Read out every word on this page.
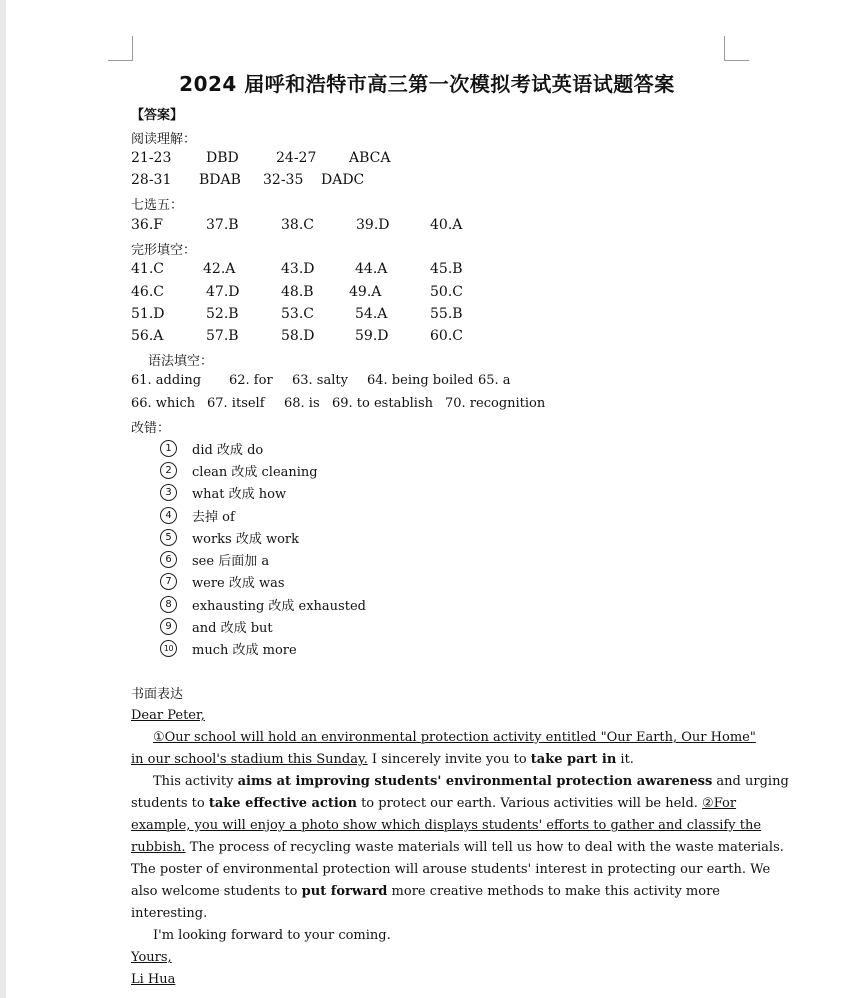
2024 届呼和浩特市高三第一次模拟考试英语试题答案
【答案】
阅读理解：
21-23 DBD	24-27 ABCA
28-31 BDAB 32-35 DADC
七选五：
36.F	37.B	38.C	39.D	40.A
完形填空：
41.C	42.A	43.D	44.A	45.B
46.C	47.D	48.B	49.A	50.C
51.D	52.B	53.C	54.A	55.B
56.A	57.B	58.D	59.D	60.C
语法填空：
61. adding 62. for 63. salty 64. being boiled 65. a
66. which 67. itself 68. is 69. to establish 70. recognition
改错：
1	did 改成 do
2	clean 改成 cleaning
3	what 改成 how
4	去掉 of
5	works 改成 work
6	see 后面加 a
7	were 改成 was
8	exhausting 改成 exhausted
9	and 改成 but
10	much 改成 more
书面表达
Dear Peter,
①Our school will hold an environmental protection activity entitled "Our Earth, Our Home"
in our school's stadium this Sunday. I sincerely invite you to take part in it.
This activity aims at improving students' environmental protection awareness and urging
students to take effective action to protect our earth. Various activities will be held. ②For
example, you will enjoy a photo show which displays students' efforts to gather and classify the
rubbish. The process of recycling waste materials will tell us how to deal with the waste materials.
The poster of environmental protection will arouse students' interest in protecting our earth. We
also welcome students to put forward more creative methods to make this activity more
interesting.
I'm looking forward to your coming.
Yours,
Li Hua
